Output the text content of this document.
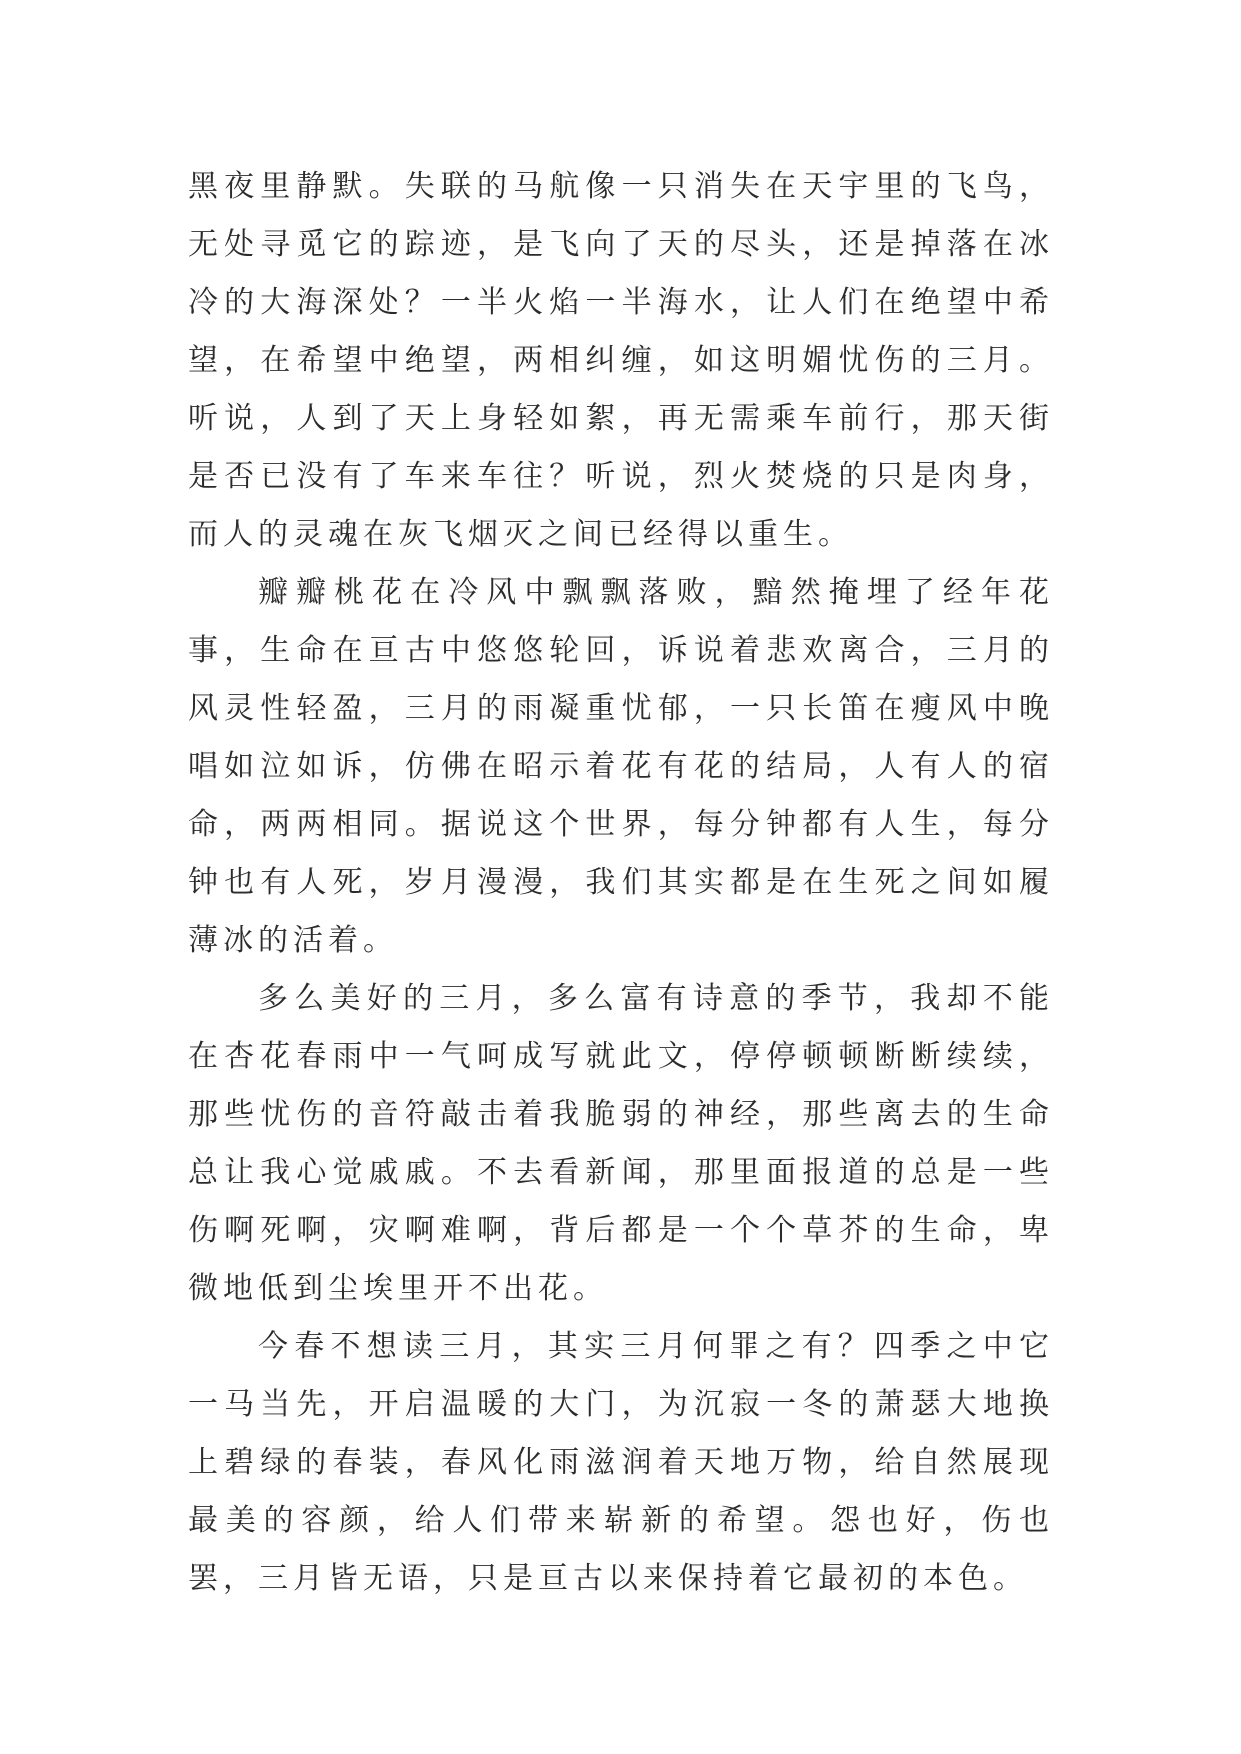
黑夜里静默。失联的马航像一只消失在天宇里的飞鸟，无处寻觅它的踪迹，是飞向了天的尽头，还是掉落在冰冷的大海深处？一半火焰一半海水，让人们在绝望中希望，在希望中绝望，两相纠缠，如这明媚忧伤的三月。听说，人到了天上身轻如絮，再无需乘车前行，那天街是否已没有了车来车往？听说，烈火焚烧的只是肉身，而人的灵魂在灰飞烟灭之间已经得以重生。

瓣瓣桃花在冷风中飘飘落败，黯然掩埋了经年花事，生命在亘古中悠悠轮回，诉说着悲欢离合，三月的风灵性轻盈，三月的雨凝重忧郁，一只长笛在瘦风中晚唱如泣如诉，仿佛在昭示着花有花的结局，人有人的宿命，两两相同。据说这个世界，每分钟都有人生，每分钟也有人死，岁月漫漫，我们其实都是在生死之间如履薄冰的活着。

多么美好的三月，多么富有诗意的季节，我却不能在杏花春雨中一气呵成写就此文，停停顿顿断断续续，那些忧伤的音符敲击着我脆弱的神经，那些离去的生命总让我心觉戚戚。不去看新闻，那里面报道的总是一些伤啊死啊，灾啊难啊，背后都是一个个草芥的生命，卑微地低到尘埃里开不出花。

今春不想读三月，其实三月何罪之有？四季之中它一马当先，开启温暖的大门，为沉寂一冬的萧瑟大地换上碧绿的春装，春风化雨滋润着天地万物，给自然展现最美的容颜，给人们带来崭新的希望。怨也好，伤也罢，三月皆无语，只是亘古以来保持着它最初的本色。
